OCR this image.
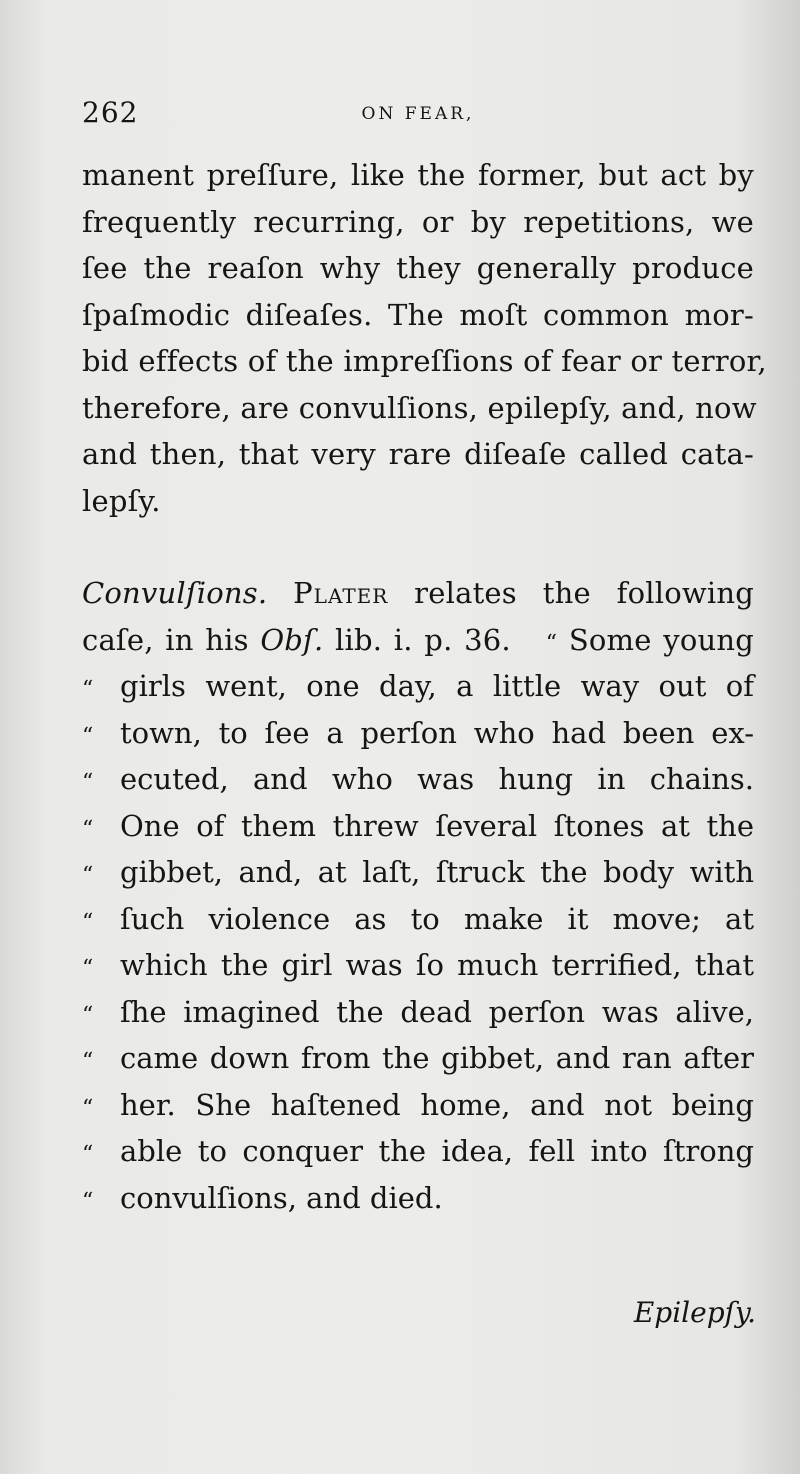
262	ON FEAR,
manent preſſure, like the former, but act by
frequently recurring, or by repetitions, we
ſee the reaſon why they generally produce
ſpaſmodic diſeaſes. The moſt common mor-
bid effects of the impreſſions of fear or terror,
therefore, are convulſions, epilepſy, and, now
and then, that very rare diſeaſe called cata-
lepſy.
Convulſions. Plater relates the following
caſe, in his Obſ. lib. i. p. 36. “ Some young
“ girls went, one day, a little way out of
“ town, to ſee a perſon who had been ex-
“ ecuted, and who was hung in chains.
“ One of them threw ſeveral ſtones at the
“ gibbet, and, at laſt, ſtruck the body with
“ ſuch violence as to make it move; at
“ which the girl was ſo much terrified, that
“ ſhe imagined the dead perſon was alive,
“ came down from the gibbet, and ran after
“ her. She haſtened home, and not being
“ able to conquer the idea, fell into ſtrong
“ convulſions, and died.
Epilepſy.
